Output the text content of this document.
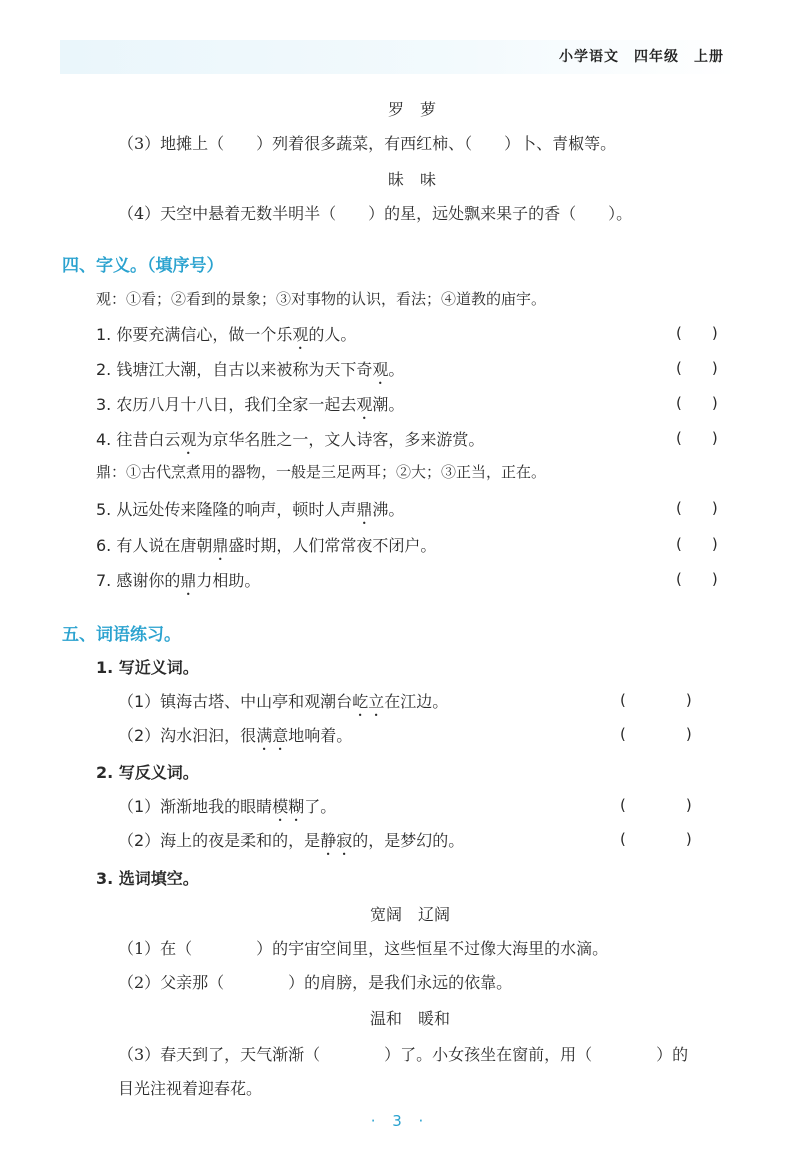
小学语文　四年级　上册
罗　萝
（3）地摊上（　　）列着很多蔬菜，有西红柿、（　　）卜、青椒等。
昧　味
（4）天空中悬着无数半明半（　　）的星，远处飘来果子的香（　　）。
四、字义。（填序号）
观：①看；②看到的景象；③对事物的认识，看法；④道教的庙宇。
1. 你要充满信心，做一个乐观的人。	(　　)
2. 钱塘江大潮，自古以来被称为天下奇观。	(　　)
3. 农历八月十八日，我们全家一起去观潮。	(　　)
4. 往昔白云观为京华名胜之一，文人诗客，多来游赏。	(　　)
鼎：①古代烹煮用的器物，一般是三足两耳；②大；③正当，正在。
5. 从远处传来隆隆的响声，顿时人声鼎沸。	(　　)
6. 有人说在唐朝鼎盛时期，人们常常夜不闭户。	(　　)
7. 感谢你的鼎力相助。	(　　)
五、词语练习。
1. 写近义词。
（1）镇海古塔、中山亭和观潮台屹立在江边。	(　　　　)
（2）沟水汩汩，很满意地响着。	(　　　　)
2. 写反义词。
（1）渐渐地我的眼睛模糊了。	(　　　　)
（2）海上的夜是柔和的，是静寂的，是梦幻的。	(　　　　)
3. 选词填空。
宽阔　辽阔
（1）在（　　　　）的宇宙空间里，这些恒星不过像大海里的水滴。
（2）父亲那（　　　　）的肩膀，是我们永远的依靠。
温和　暖和
（3）春天到了，天气渐渐（　　　　）了。小女孩坐在窗前，用（　　　　）的
目光注视着迎春花。
· 3 ·
